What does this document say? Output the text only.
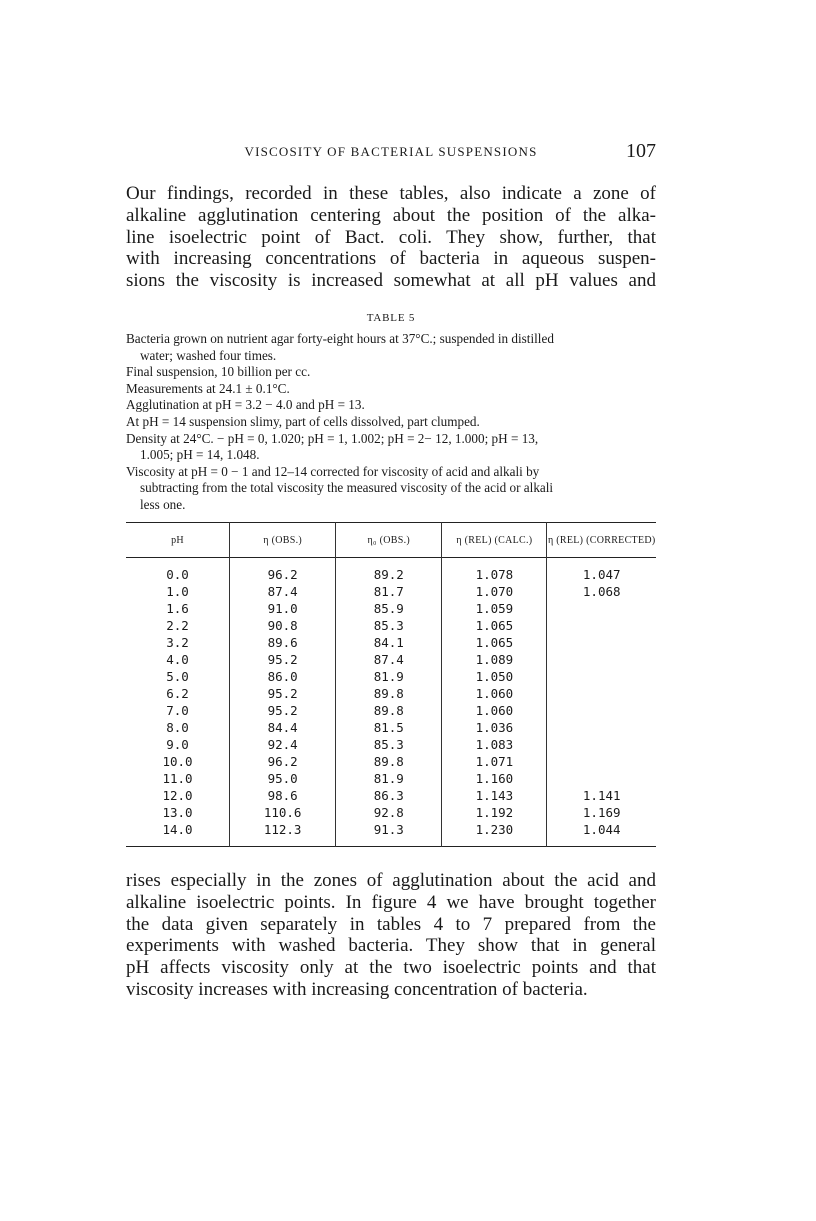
VISCOSITY OF BACTERIAL SUSPENSIONS	107
Our findings, recorded in these tables, also indicate a zone of
alkaline agglutination centering about the position of the alka-
line isoelectric point of Bact. coli. They show, further, that
with increasing concentrations of bacteria in aqueous suspen-
sions the viscosity is increased somewhat at all pH values and
TABLE 5
Bacteria grown on nutrient agar forty-eight hours at 37°C.; suspended in distilled
water; washed four times.
Final suspension, 10 billion per cc.
Measurements at 24.1 ± 0.1°C.
Agglutination at pH = 3.2 − 4.0 and pH = 13.
At pH = 14 suspension slimy, part of cells dissolved, part clumped.
Density at 24°C. − pH = 0, 1.020; pH = 1, 1.002; pH = 2− 12, 1.000; pH = 13,
1.005; pH = 14, 1.048.
Viscosity at pH = 0 − 1 and 12–14 corrected for viscosity of acid and alkali by
subtracting from the total viscosity the measured viscosity of the acid or alkali
less one.
pH	η (OBS.)	η₀ (OBS.)	η (REL) (CALC.)	η (REL) (CORRECTED)
0.0	96.2	89.2	1.078	1.047
1.0	87.4	81.7	1.070	1.068
1.6	91.0	85.9	1.059	
2.2	90.8	85.3	1.065	
3.2	89.6	84.1	1.065	
4.0	95.2	87.4	1.089	
5.0	86.0	81.9	1.050	
6.2	95.2	89.8	1.060	
7.0	95.2	89.8	1.060	
8.0	84.4	81.5	1.036	
9.0	92.4	85.3	1.083	
10.0	96.2	89.8	1.071	
11.0	95.0	81.9	1.160	
12.0	98.6	86.3	1.143	1.141
13.0	110.6	92.8	1.192	1.169
14.0	112.3	91.3	1.230	1.044
rises especially in the zones of agglutination about the acid and
alkaline isoelectric points. In figure 4 we have brought together
the data given separately in tables 4 to 7 prepared from the
experiments with washed bacteria. They show that in general
pH affects viscosity only at the two isoelectric points and that
viscosity increases with increasing concentration of bacteria.
